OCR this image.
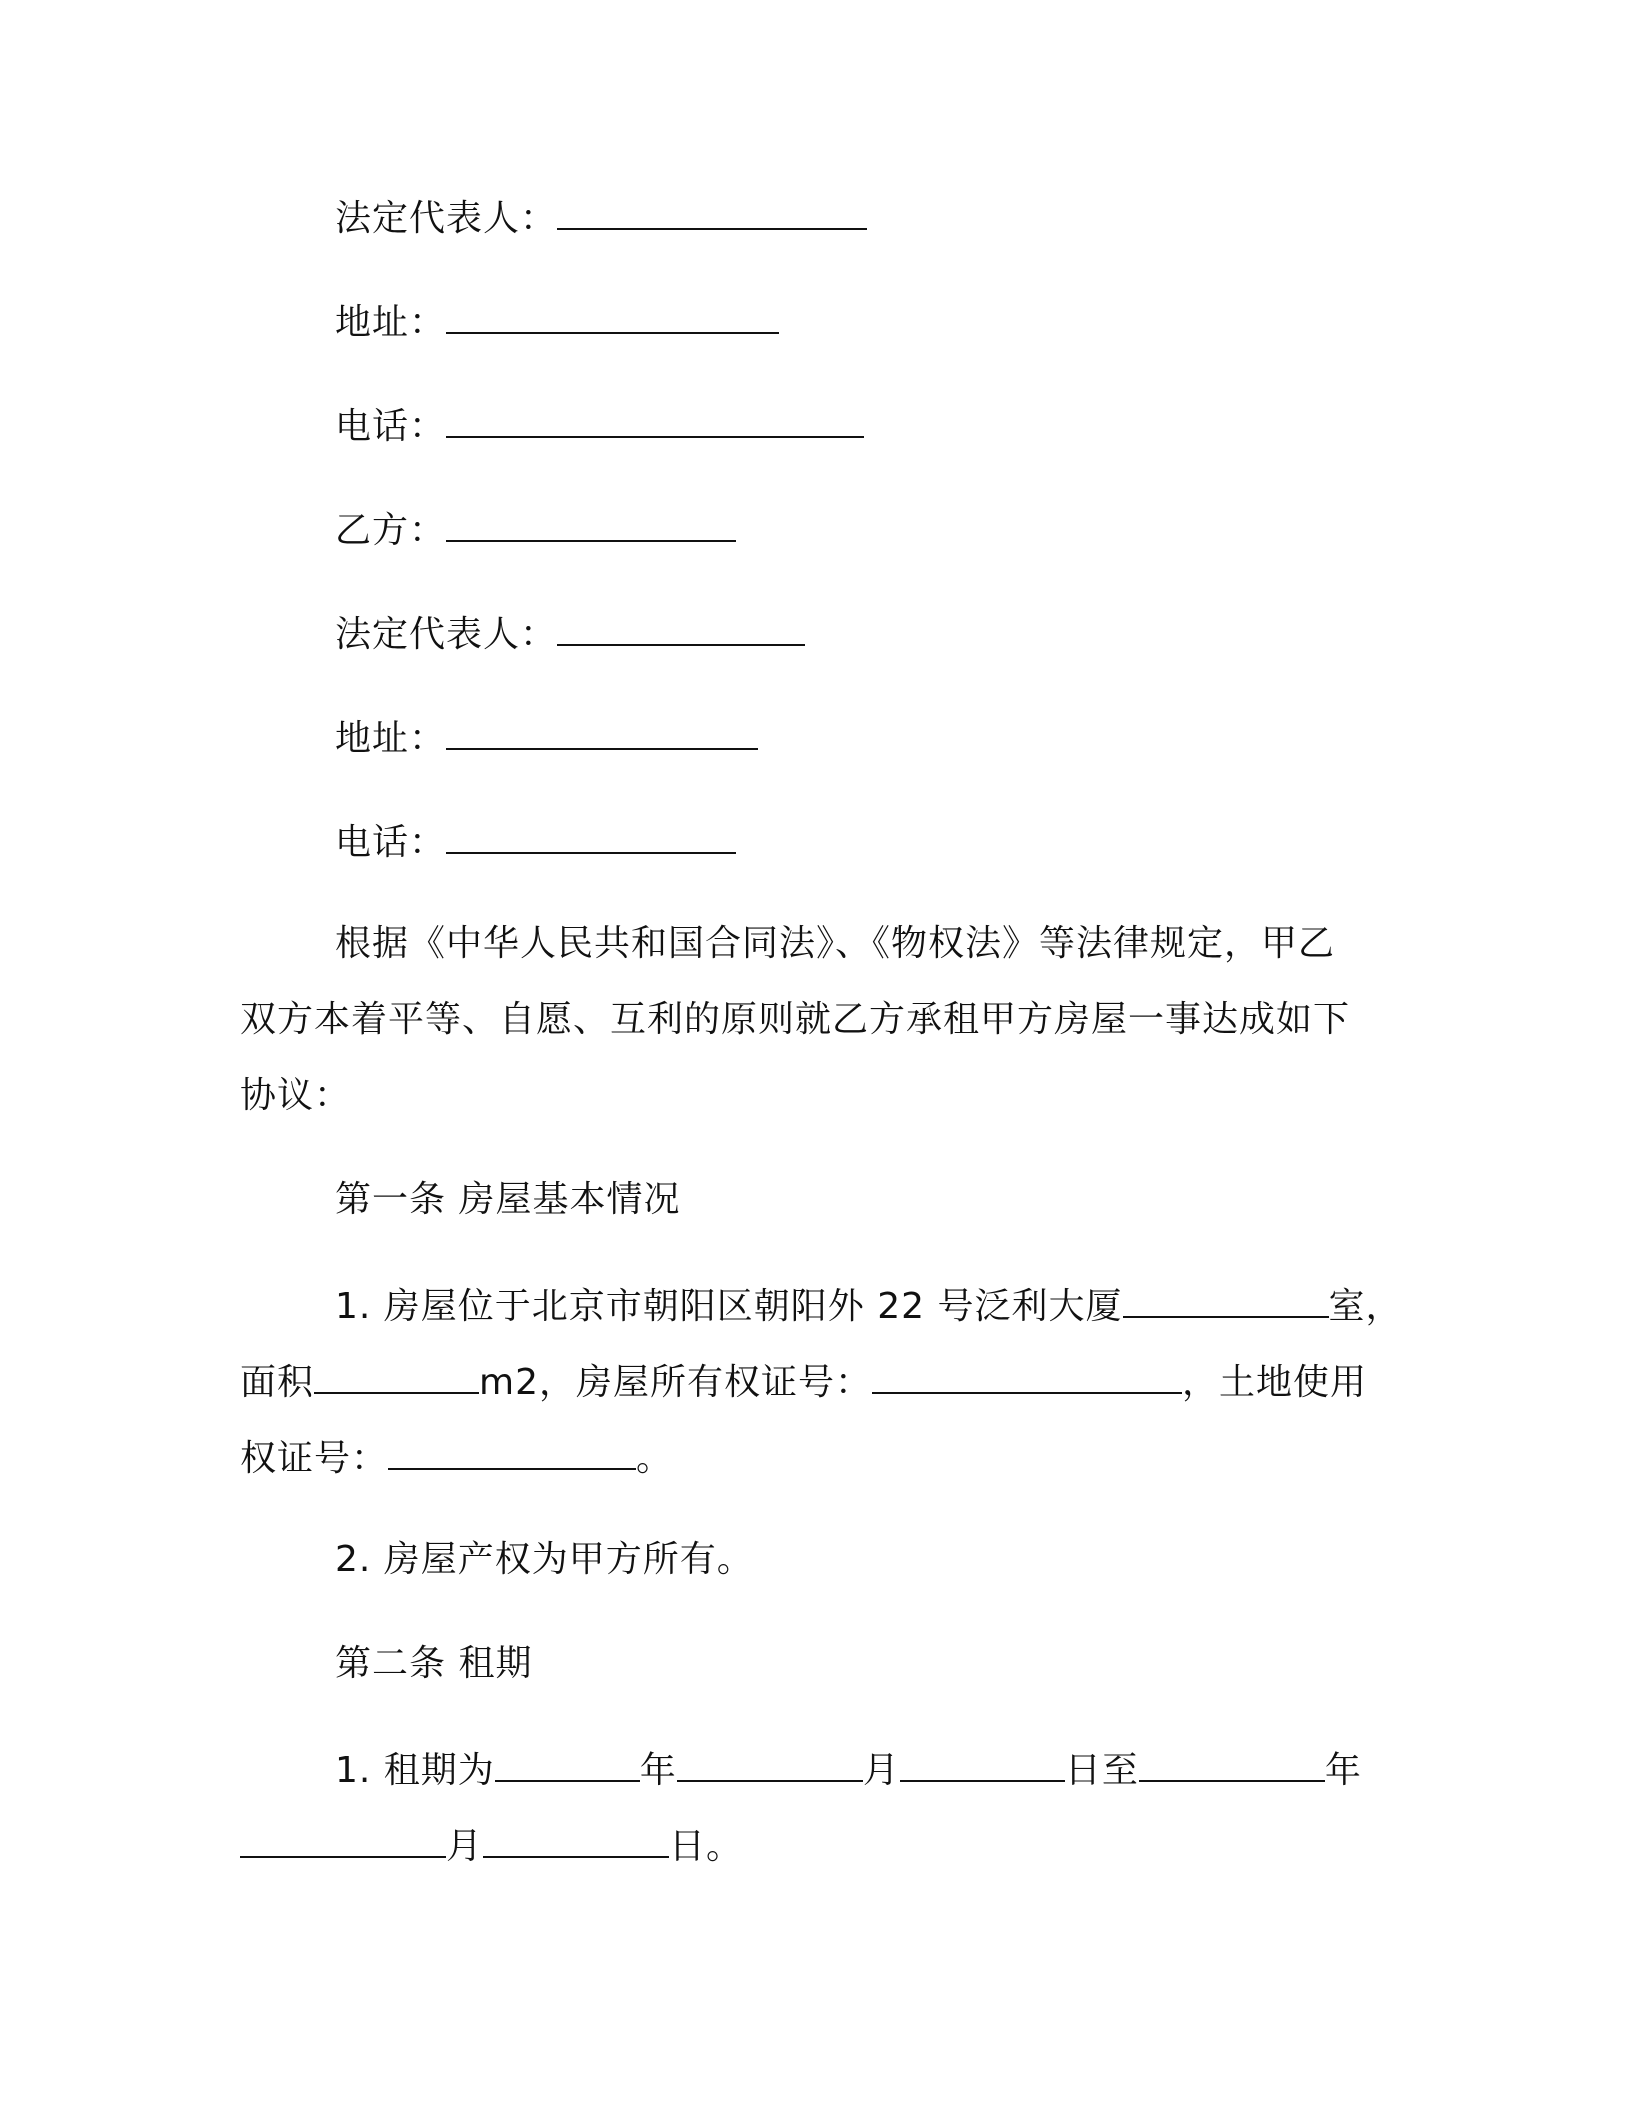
法定代表人：
地址：
电话：
乙方：
法定代表人：
地址：
电话：
根据《中华人民共和国合同法》、《物权法》等法律规定，甲乙
双方本着平等、自愿、互利的原则就乙方承租甲方房屋一事达成如下
协议：
第一条 房屋基本情况
1. 房屋位于北京市朝阳区朝阳外 22 号泛利大厦	室，
面积	m2，房屋所有权证号：	，土地使用
权证号：	。
2. 房屋产权为甲方所有。
第二条 租期
1. 租期为	年	月	日至	年
月	日。
